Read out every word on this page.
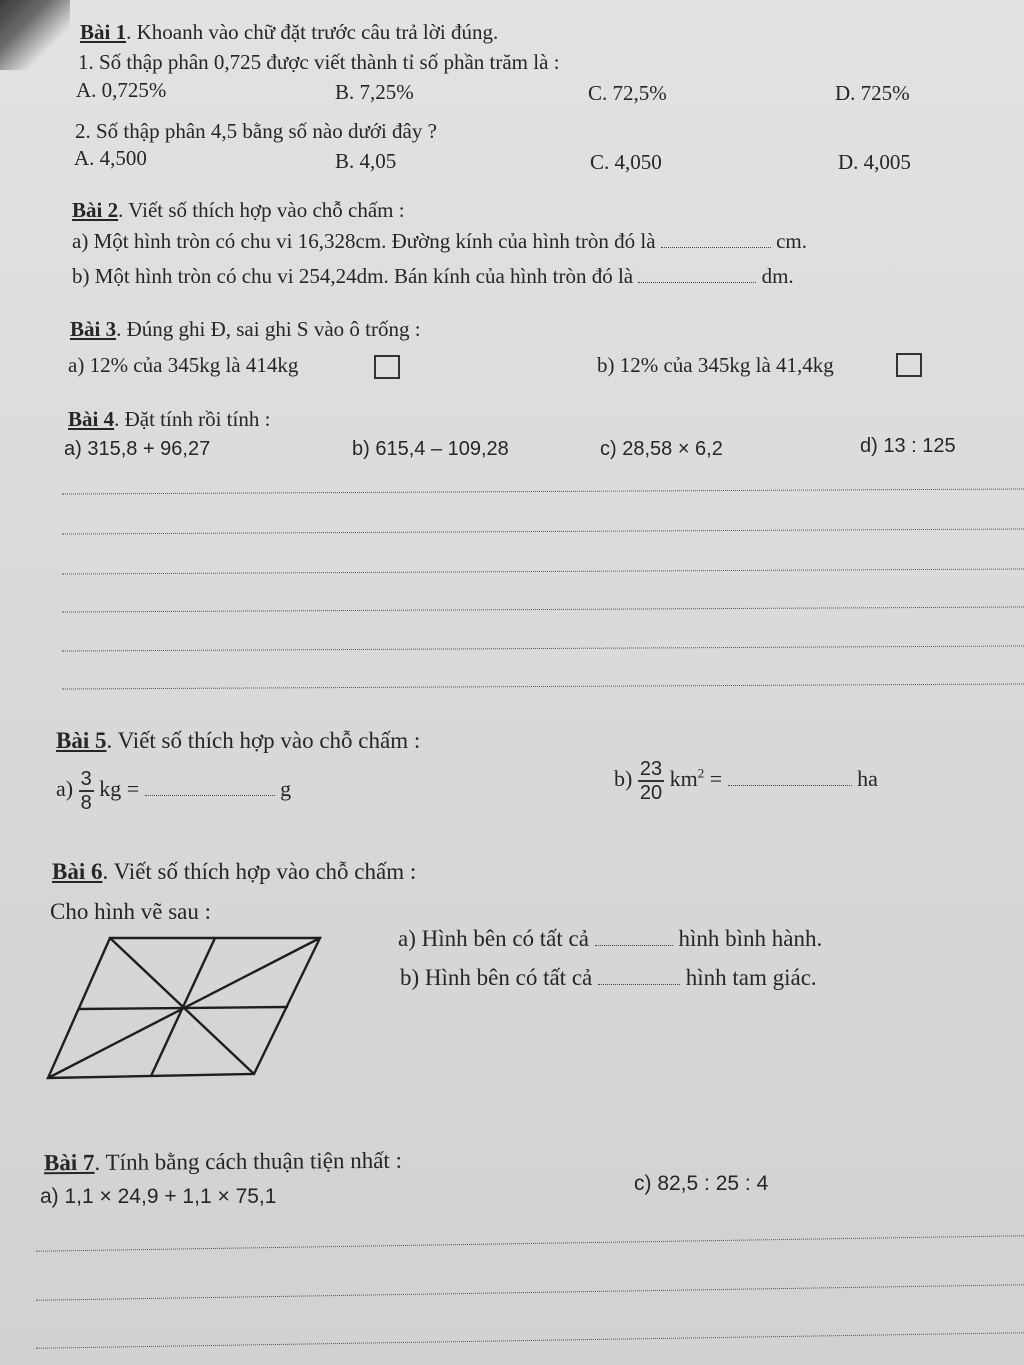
Bài 1. Khoanh vào chữ đặt trước câu trả lời đúng.
1. Số thập phân 0,725 được viết thành tỉ số phần trăm là :
A. 0,725%	B. 7,25%	C. 72,5%	D. 725%
2. Số thập phân 4,5 bằng số nào dưới đây ?
A. 4,500	B. 4,05	C. 4,050	D. 4,005
Bài 2. Viết số thích hợp vào chỗ chấm :
a) Một hình tròn có chu vi 16,328cm. Đường kính của hình tròn đó là	cm.
b) Một hình tròn có chu vi 254,24dm. Bán kính của hình tròn đó là	dm.
Bài 3. Đúng ghi Đ, sai ghi S vào ô trống :
a) 12% của 345kg là 414kg	b) 12% của 345kg là 41,4kg
Bài 4. Đặt tính rồi tính :
a) 315,8 + 96,27	b) 615,4 – 109,28	c) 28,58 × 6,2	d) 13 : 125
Bài 5. Viết số thích hợp vào chỗ chấm :
$a) \frac{3}{8}$ kg =	g	$b) \frac{23}{20} km^2$ =	ha
Bài 6. Viết số thích hợp vào chỗ chấm :
Cho hình vẽ sau :
a) Hình bên có tất cả	hình bình hành.
b) Hình bên có tất cả	hình tam giác.
Bài 7. Tính bằng cách thuận tiện nhất :
a) 1,1 × 24,9 + 1,1 × 75,1
c) 82,5 : 25 : 4
